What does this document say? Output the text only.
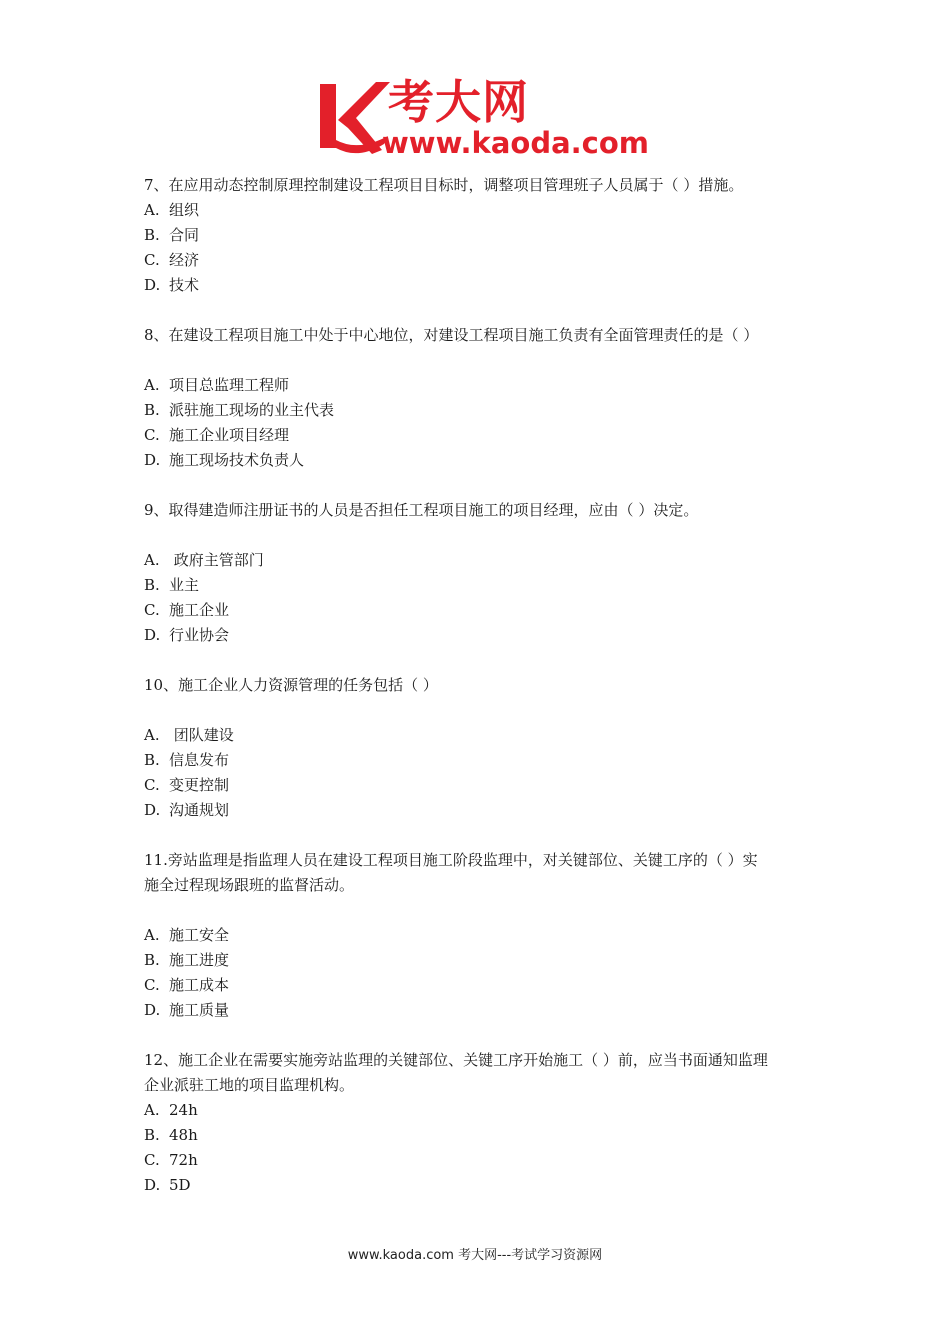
考大网
www.kaoda.com
7、在应用动态控制原理控制建设工程项目目标时，调整项目管理班子人员属于（ ）措施。
A. 组织
B. 合同
C. 经济
D. 技术
8、在建设工程项目施工中处于中心地位，对建设工程项目施工负责有全面管理责任的是（ ）
A. 项目总监理工程师
B. 派驻施工现场的业主代表
C. 施工企业项目经理
D. 施工现场技术负责人
9、取得建造师注册证书的人员是否担任工程项目施工的项目经理，应由（ ）决定。
A. 政府主管部门
B. 业主
C. 施工企业
D. 行业协会
10、施工企业人力资源管理的任务包括（ ）
A. 团队建设
B. 信息发布
C. 变更控制
D. 沟通规划
11.旁站监理是指监理人员在建设工程项目施工阶段监理中，对关键部位、关键工序的（ ）实
施全过程现场跟班的监督活动。
A. 施工安全
B. 施工进度
C. 施工成本
D. 施工质量
12、施工企业在需要实施旁站监理的关键部位、关键工序开始施工（ ）前，应当书面通知监理
企业派驻工地的项目监理机构。
A. 24h
B. 48h
C. 72h
D. 5D
www.kaoda.com 考大网---考试学习资源网
